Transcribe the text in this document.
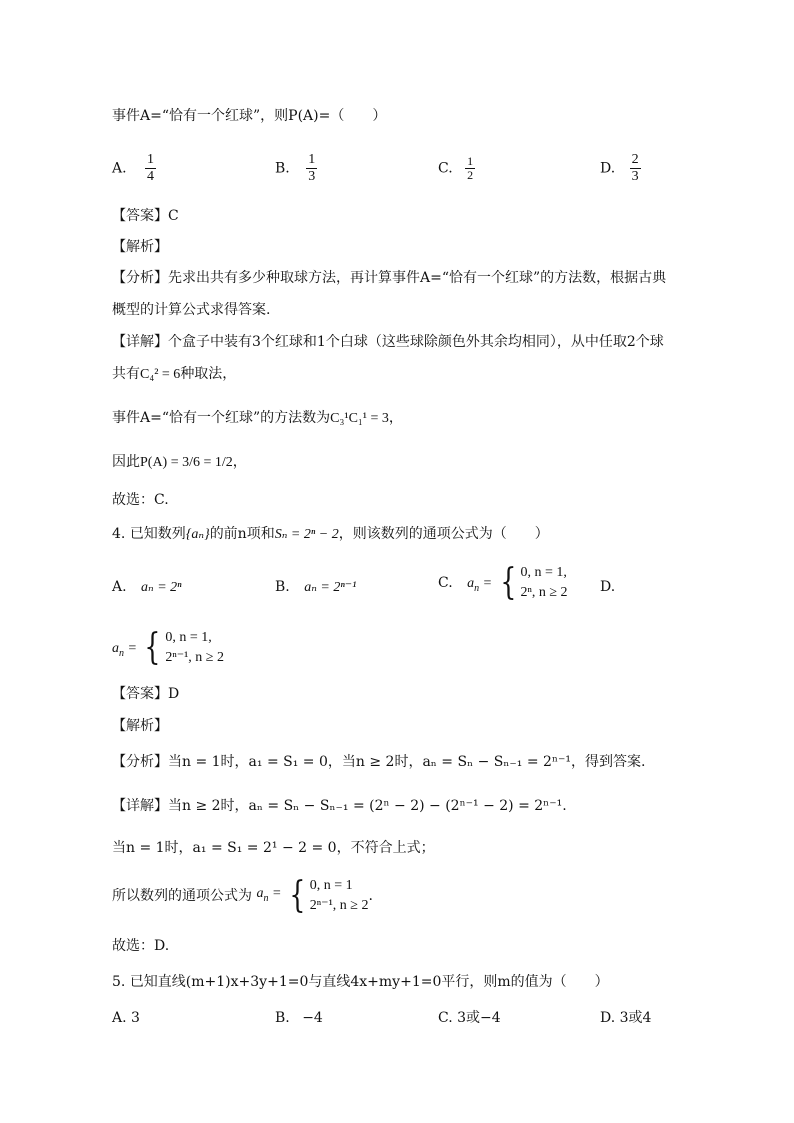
事件A=“恰有一个红球”，则P(A)=（　　）
A. $\frac{1}{4}$	B. $\frac{1}{3}$	C. $\frac{1}{2}$	D. $\frac{2}{3}$
【答案】C
【解析】
【分析】先求出共有多少种取球方法，再计算事件A=“恰有一个红球”的方法数，根据古典
概型的计算公式求得答案.
【详解】个盒子中装有3个红球和1个白球（这些球除颜色外其余均相同），从中任取2个球
共有C₄² = 6种取法，
事件A=“恰有一个红球”的方法数为C₃¹C₁¹ = 3，
因此P(A) = 3/6 = 1/2，
故选：C.
4. 已知数列{aₙ}的前n项和Sₙ = 2ⁿ − 2，则该数列的通项公式为（　　）
A. aₙ = 2ⁿ	B. aₙ = 2ⁿ⁻¹	C. $a_n$ = { 0, n = 1,
2ⁿ, n ≥ 2 D.
$a_n$ = { 0, n = 1,
2ⁿ⁻¹, n ≥ 2
【答案】D
【解析】
【分析】当n = 1时，a₁ = S₁ = 0，当n ≥ 2时，aₙ = Sₙ − Sₙ₋₁ = 2ⁿ⁻¹，得到答案.
【详解】当n ≥ 2时，aₙ = Sₙ − Sₙ₋₁ = (2ⁿ − 2) − (2ⁿ⁻¹ − 2) = 2ⁿ⁻¹.
当n = 1时，a₁ = S₁ = 2¹ − 2 = 0，不符合上式；
所以数列的通项公式为 $a_n$ = { 0, n = 1
2ⁿ⁻¹, n ≥ 2
.
故选：D.
5. 已知直线(m+1)x+3y+1=0与直线4x+my+1=0平行，则m的值为（　　）
A. 3	B. −4	C. 3或−4	D. 3或4
